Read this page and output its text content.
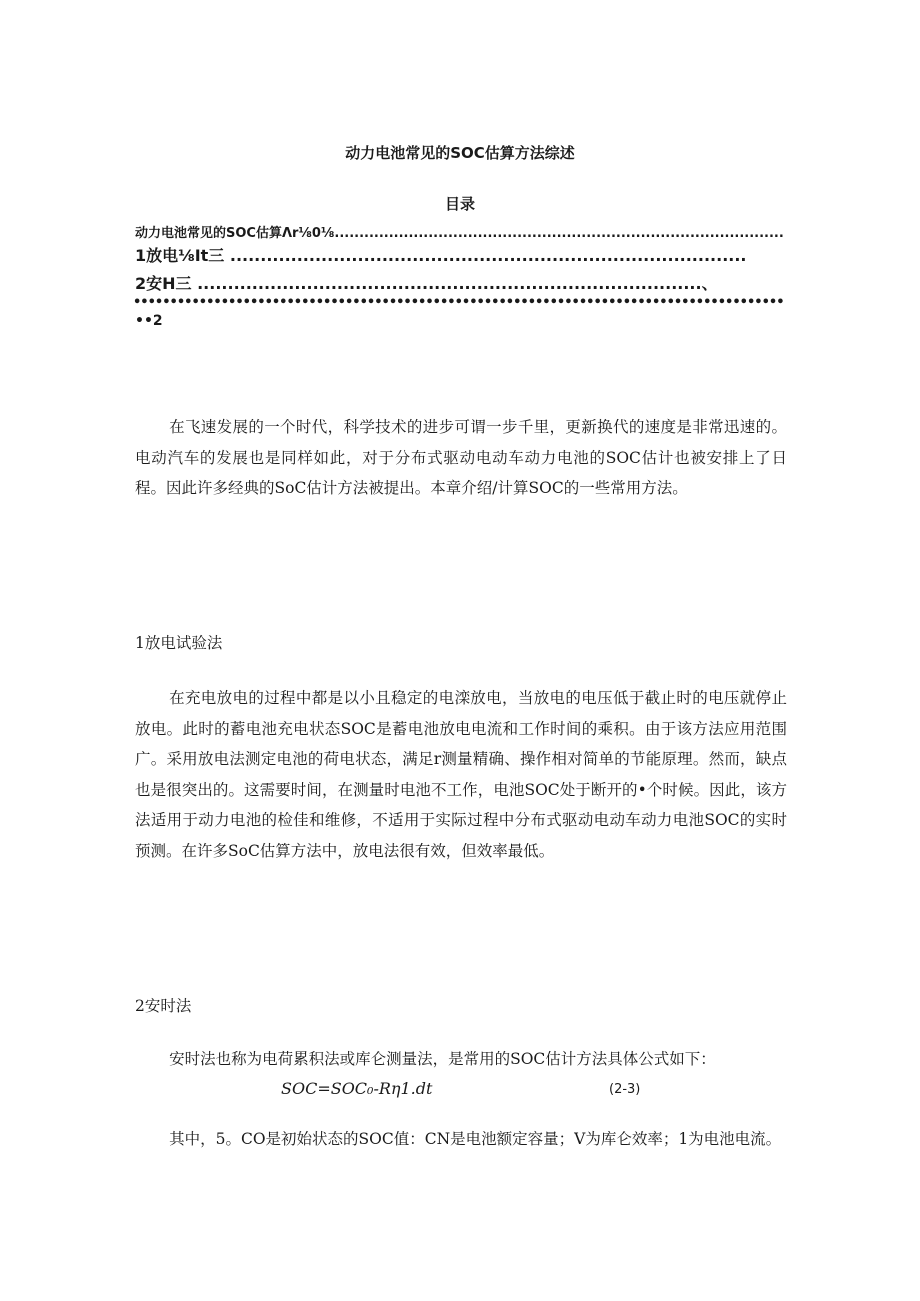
动力电池常见的SOC估算方法综述
目录
动力电池常见的SOC估算Λr⅛0⅛...........................................................................................
1放电⅛It三 .....................................................................................
2安H三 ...................................................................................、
•••••••••••••••••••••••••••••••••••••••••••••••••••••••••••••••••••••••••••••••••••••••••
••2

在飞速发展的一个时代，科学技术的进步可谓一步千里，更新换代的速度是非常迅速的。电动汽车的发展也是同样如此，对于分布式驱动电动车动力电池的SOC估计也被安排上了日程。因此许多经典的SoC估计方法被提出。本章介绍/计算SOC的一些常用方法。

1放电试验法

在充电放电的过程中都是以小且稳定的电滦放电，当放电的电压低于截止时的电压就停止放电。此时的蓄电池充电状态SOC是蓄电池放电电流和工作时间的乘积。由于该方法应用范围广。采用放电法测定电池的荷电状态，满足r测量精确、操作相对简单的节能原理。然而，缺点也是很突出的。这需要时间，在测量时电池不工作，电池SOC处于断开的•个时候。因此，该方法适用于动力电池的检佳和维修，不适用于实际过程中分布式驱动电动车动力电池SOC的实时预测。在许多SoC估算方法中，放电法很有效，但效率最低。

2安时法

安时法也称为电荷累积法或库仑测量法，是常用的SOC估计方法具体公式如下：

SOC=SOC₀-Rη1.dt	(2-3)

其中，5。CO是初始状态的SOC值：CN是电池额定容量；V为库仑效率；1为电池电流。
